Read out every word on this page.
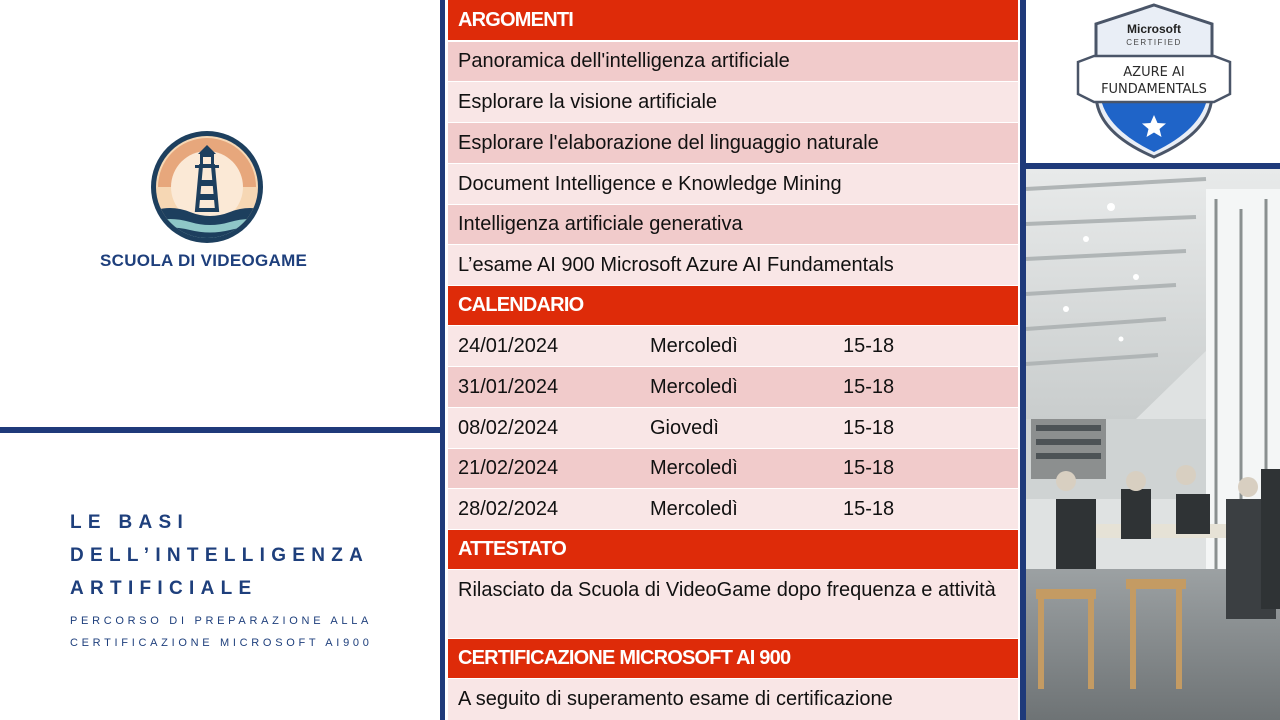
SCUOLA DI VIDEOGAME
LE BASI DELL’INTELLIGENZA ARTIFICIALE
PERCORSO DI PREPARAZIONE ALLA CERTIFICAZIONE MICROSOFT AI900
ARGOMENTI
Panoramica dell'intelligenza artificiale
Esplorare la visione artificiale
Esplorare l'elaborazione del linguaggio naturale
Document Intelligence e Knowledge Mining
Intelligenza artificiale generativa
L’esame AI 900 Microsoft Azure AI Fundamentals
CALENDARIO
24/01/2024	Mercoledì	15-18
31/01/2024	Mercoledì	15-18
08/02/2024	Giovedì	15-18
21/02/2024	Mercoledì	15-18
28/02/2024	Mercoledì	15-18
ATTESTATO
Rilasciato da Scuola di VideoGame dopo frequenza e attività
CERTIFICAZIONE MICROSOFT AI 900
A seguito di superamento esame di certificazione
Microsoft
CERTIFIED
AZURE AI
FUNDAMENTALS
